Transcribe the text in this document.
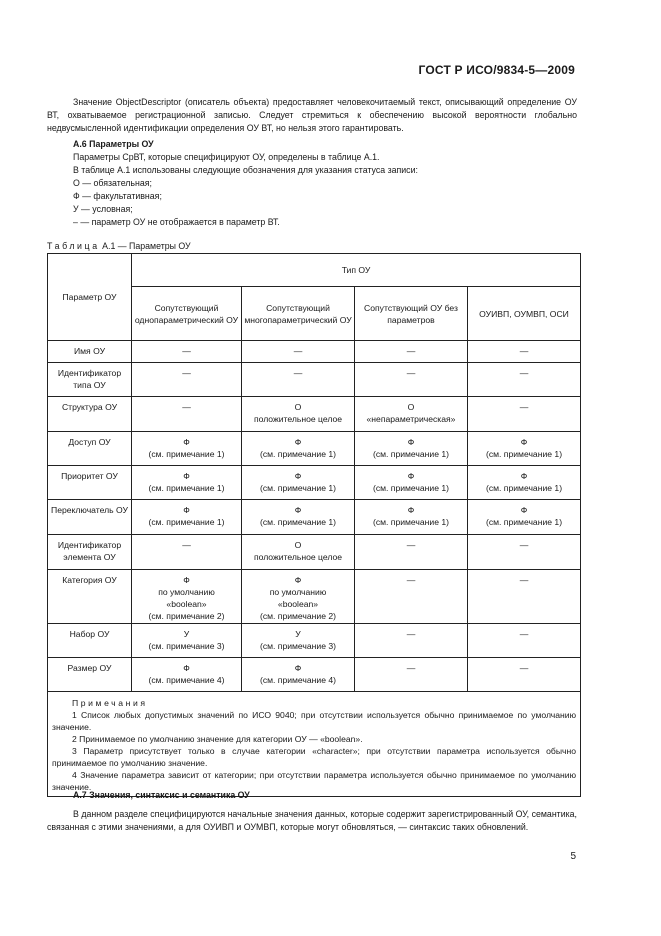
ГОСТ Р ИСО/9834-5—2009

Значение ObjectDescriptor (описатель объекта) предоставляет человекочитаемый текст, описывающий определение ОУ ВТ, охватываемое регистрационной записью. Следует стремиться к обеспечению высокой вероятности глобально недвусмысленной идентификации определения ОУ ВТ, но нельзя этого гарантировать.

А.6 Параметры ОУ

Параметры СрВТ, которые специфицируют ОУ, определены в таблице А.1.

В таблице А.1 использованы следующие обозначения для указания статуса записи:

О — обязательная;

Ф — факультативная;

У — условная;

– — параметр ОУ не отображается в параметр ВТ.

Таблица А.1 — Параметры ОУ
Параметр ОУ	Тип ОУ			
	Сопутствующий однопараметрический ОУ	Сопутствующий многопараметрический ОУ	Сопутствующий ОУ без параметров	ОУИВП, ОУМВП, ОСИ
Имя ОУ	—	—	—	—

Идентификатор типа ОУ	—	—	—	—

Структура ОУ	—	О
положительное целое	О
«непараметрическая»	—

Доступ ОУ	Ф
(см. примечание 1)	Ф
(см. примечание 1)	Ф
(см. примечание 1)	Ф
(см. примечание 1)

Приоритет ОУ	Ф
(см. примечание 1)	Ф
(см. примечание 1)	Ф
(см. примечание 1)	Ф
(см. примечание 1)

Переключатель ОУ	Ф
(см. примечание 1)	Ф
(см. примечание 1)	Ф
(см. примечание 1)	Ф
(см. примечание 1)

Идентификатор элемента ОУ	—	О
положительное целое	—	—

Категория ОУ	Ф
по умолчанию
«boolean»
(см. примечание 2)	Ф
по умолчанию
«boolean»
(см. примечание 2)	—	—

Набор ОУ	У
(см. примечание 3)	У
(см. примечание 3)	—	—

Размер ОУ	Ф
(см. примечание 4)	Ф
(см. примечание 4)	—	—

Примечания
1 Список любых допустимых значений по ИСО 9040; при отсутствии используется обычно принимаемое по умолчанию значение.
2 Принимаемое по умолчанию значение для категории ОУ — «boolean».
3 Параметр присутствует только в случае категории «character»; при отсутствии параметра используется обычно принимаемое по умолчанию значение.
4 Значение параметра зависит от категории; при отсутствии параметра используется обычно принимаемое по умолчанию значение.				

А.7 Значения, синтаксис и семантика ОУ

В данном разделе специфицируются начальные значения данных, которые содержит зарегистрированный ОУ, семантика, связанная с этими значениями, а для ОУИВП и ОУМВП, которые могут обновляться, — синтаксис таких обновлений.

5
